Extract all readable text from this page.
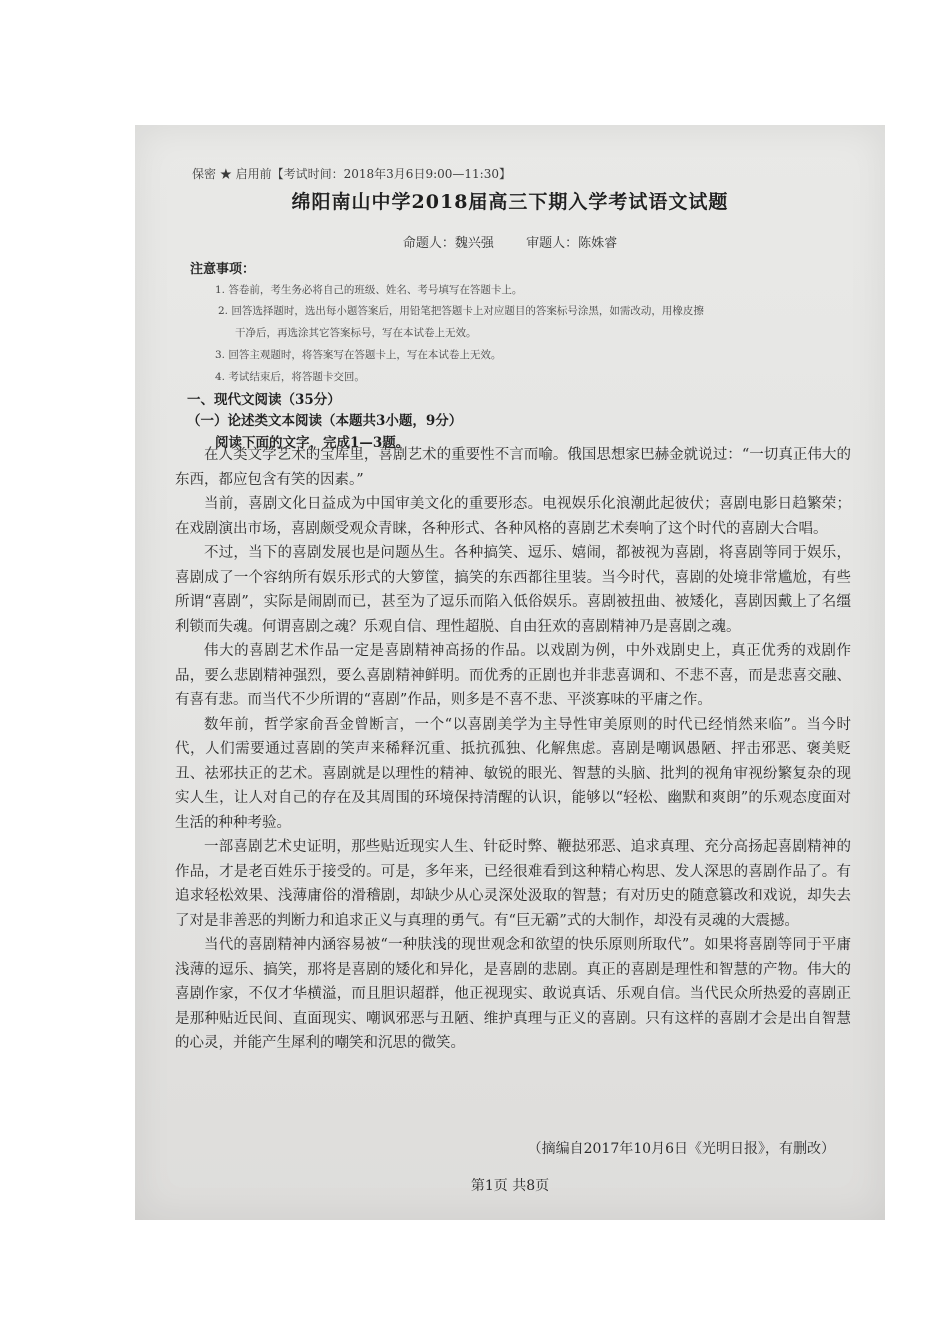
保密 ★ 启用前【考试时间：2018年3月6日9:00—11:30】
绵阳南山中学2018届高三下期入学考试语文试题
命题人：魏兴强 审题人：陈姝睿
注意事项：
1. 答卷前，考生务必将自己的班级、姓名、考号填写在答题卡上。
2. 回答选择题时，选出每小题答案后，用铅笔把答题卡上对应题目的答案标号涂黑，如需改动，用橡皮擦
干净后，再选涂其它答案标号，写在本试卷上无效。
3. 回答主观题时，将答案写在答题卡上，写在本试卷上无效。
4. 考试结束后，将答题卡交回。
一、现代文阅读（35分）
（一）论述类文本阅读（本题共3小题，9分）
阅读下面的文字，完成1—3题。

在人类文学艺术的宝库里，喜剧艺术的重要性不言而喻。俄国思想家巴赫金就说过：“一切真正伟大的东西，都应包含有笑的因素。”

当前，喜剧文化日益成为中国审美文化的重要形态。电视娱乐化浪潮此起彼伏；喜剧电影日趋繁荣；在戏剧演出市场，喜剧颇受观众青睐，各种形式、各种风格的喜剧艺术奏响了这个时代的喜剧大合唱。

不过，当下的喜剧发展也是问题丛生。各种搞笑、逗乐、嬉闹，都被视为喜剧，将喜剧等同于娱乐，喜剧成了一个容纳所有娱乐形式的大箩筐，搞笑的东西都往里装。当今时代，喜剧的处境非常尴尬，有些所谓“喜剧”，实际是闹剧而已，甚至为了逗乐而陷入低俗娱乐。喜剧被扭曲、被矮化，喜剧因戴上了名缰利锁而失魂。何谓喜剧之魂？乐观自信、理性超脱、自由狂欢的喜剧精神乃是喜剧之魂。

伟大的喜剧艺术作品一定是喜剧精神高扬的作品。以戏剧为例，中外戏剧史上，真正优秀的戏剧作品，要么悲剧精神强烈，要么喜剧精神鲜明。而优秀的正剧也并非悲喜调和、不悲不喜，而是悲喜交融、有喜有悲。而当代不少所谓的“喜剧”作品，则多是不喜不悲、平淡寡味的平庸之作。

数年前，哲学家俞吾金曾断言，一个“以喜剧美学为主导性审美原则的时代已经悄然来临”。当今时代，人们需要通过喜剧的笑声来稀释沉重、抵抗孤独、化解焦虑。喜剧是嘲讽愚陋、抨击邪恶、褒美贬丑、祛邪扶正的艺术。喜剧就是以理性的精神、敏锐的眼光、智慧的头脑、批判的视角审视纷繁复杂的现实人生，让人对自己的存在及其周围的环境保持清醒的认识，能够以“轻松、幽默和爽朗”的乐观态度面对生活的种种考验。

一部喜剧艺术史证明，那些贴近现实人生、针砭时弊、鞭挞邪恶、追求真理、充分高扬起喜剧精神的作品，才是老百姓乐于接受的。可是，多年来，已经很难看到这种精心构思、发人深思的喜剧作品了。有追求轻松效果、浅薄庸俗的滑稽剧，却缺少从心灵深处汲取的智慧；有对历史的随意篡改和戏说，却失去了对是非善恶的判断力和追求正义与真理的勇气。有“巨无霸”式的大制作，却没有灵魂的大震撼。

当代的喜剧精神内涵容易被“一种肤浅的现世观念和欲望的快乐原则所取代”。如果将喜剧等同于平庸浅薄的逗乐、搞笑，那将是喜剧的矮化和异化，是喜剧的悲剧。真正的喜剧是理性和智慧的产物。伟大的喜剧作家，不仅才华横溢，而且胆识超群，他正视现实、敢说真话、乐观自信。当代民众所热爱的喜剧正是那种贴近民间、直面现实、嘲讽邪恶与丑陋、维护真理与正义的喜剧。只有这样的喜剧才会是出自智慧的心灵，并能产生犀利的嘲笑和沉思的微笑。

（摘编自2017年10月6日《光明日报》，有删改）
第1页 共8页
